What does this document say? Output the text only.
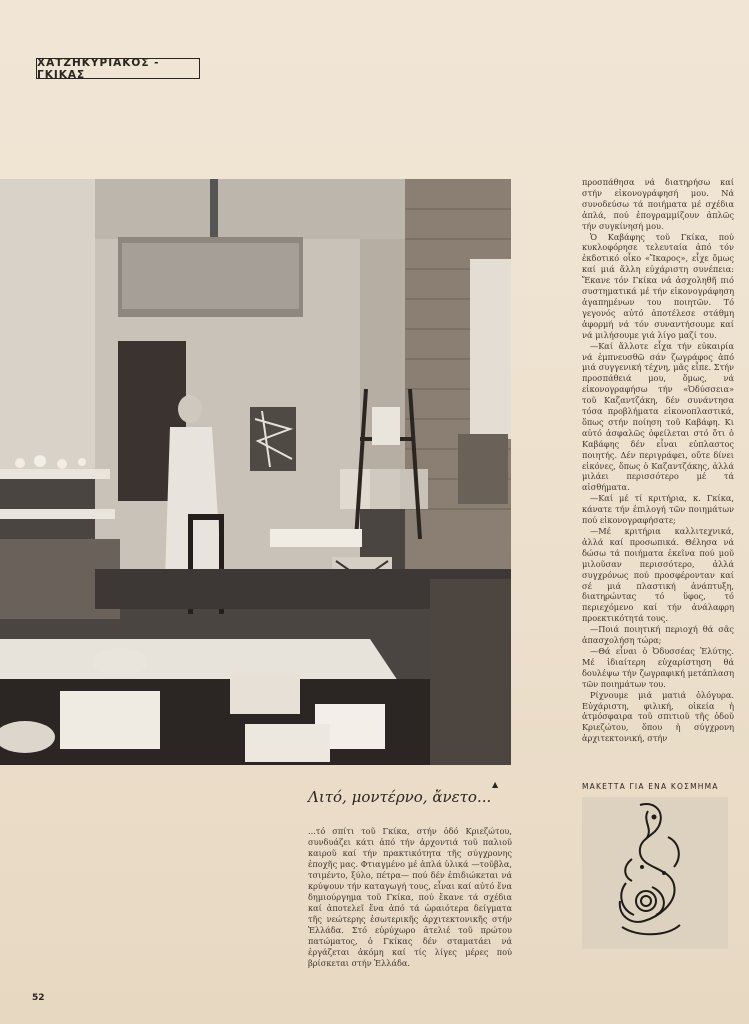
ΧΑΤΖΗΚΥΡΙΑΚΟΣ - ΓΚΙΚΑΣ

προσπάθησα νά διατηρήσω καί στήν εἰκονογράφησή μου. Νά συνοδεύσω τά ποιήματα μέ σχέδια ἁπλά, πού ἐπογραμμίζουν ἁπλῶς τήν συγκίνησή μου.

Ὁ Καβάφης τοῦ Γκίκα, πού κυκλοφόρησε τελευταία ἀπό τόν ἐκδοτικό οἶκο «Ἴκαρος», εἶχε ὅμως καί μιά ἄλλη εὐχάριστη συνέπεια: Ἔκανε τόν Γκίκα νά ἀσχοληθῆ πιό συστηματικά μέ τήν εἰκονογράφηση ἀγαπημένων του ποιητῶν. Τό γεγονός αὐτό ἀποτέλεσε στάθμη ἀφορμή νά τόν συναντήσουμε καί νά μιλήσουμε γιά λίγο μαζί του.

—Καί ἄλλοτε εἶχα τήν εὐκαιρία νά ἐμπνευσθῶ σάν ζωγράφος ἀπό μιά συγγενική τέχνη, μᾶς εἶπε. Στήν προσπάθειά μου, ὅμως, νά εἰκονογραφήσω τήν «Ὀδύσσεια» τοῦ Καζαντζάκη, δέν συνάντησα τόσα προβλήματα εἰκονοπλαστικά, ὅπως στήν ποίηση τοῦ Καβάφη. Κι αὐτό ἀσφαλῶς ὀφείλεται στό ὅτι ὁ Καβάφης δέν εἶναι εὐπλαστος ποιητής. Δέν περιγράφει, οὔτε δίνει εἰκόνες, ὅπως ὁ Καζαντζάκης, ἀλλά μιλάει περισσότερο μέ τά αἰσθήματα.

—Καί μέ τί κριτήρια, κ. Γκίκα, κάνατε τήν ἐπιλογή τῶν ποιημάτων πού εἰκονογραφήσατε;

—Μέ κριτήρια καλλιτεχνικά, ἀλλά καί προσωπικά. Θέλησα νά δώσω τά ποιήματα ἐκεῖνα πού μοῦ μιλοῦσαν περισσότερο, ἀλλά συγχρόνως πού προσφέρονταν καί σέ μιά πλαστική ἀνάπτυξη, διατηρώντας τό ὕφος, τό περιεχόμενο καί τήν ἀνάλαφρη προεκτικότητά τους.

—Ποιά ποιητική περιοχή θά σᾶς ἀπασχολήση τώρα;

—Θά εἶναι ὁ Ὀδυσσέας Ἐλύτης. Μέ ἰδιαίτερη εὐχαρίστηση θά δουλέψω τήν ζωγραφική μετάπλαση τῶν ποιημάτων του.

Ρίχνουμε μιά ματιά ὁλόγυρα. Εὐχάριστη, φιλική, οἰκεία ἡ ἀτμόσφαιρα τοῦ σπιτιοῦ τῆς ὁδοῦ Κριεζώτου, ὅπου ἡ σύγχρονη ἀρχιτεκτονική, στήν

▲
Λιτό, μοντέρνο, ἄνετο...
...τό σπίτι τοῦ Γκίκα, στήν ὁδό Κριεζώτου, συνδυάζει κάτι ἀπό τήν ἀρχοντιά τοῦ παλιοῦ καιροῦ καί τήν πρακτικότητα τῆς σύγχρονης ἐποχῆς μας. Φτιαγμένο μέ ἁπλά ὑλικά —τοῦβλα, τσιμέντο, ξύλο, πέτρα— πού δέν ἐπιδιώκεται νά κρύψουν τήν καταγωγή τους, εἶναι καί αὐτό ἕνα δημιούργημα τοῦ Γκίκα, πού ἔκανε τά σχέδια καί ἀποτελεῖ ἕνα ἀπό τά ὡραιότερα δείγματα τῆς νεώτερης ἐσωτερικῆς ἀρχιτεκτονικῆς στήν Ἑλλάδα. Στό εὐρύχωρο ἀτελιέ τοῦ πρώτου πατώματος, ὁ Γκίκας δέν σταματάει νά ἐργάζεται ἀκόμη καί τίς λίγες μέρες πού βρίσκεται στήν Ἑλλάδα.
ΜΑΚΕΤΤΑ ΓΙΑ ΕΝΑ ΚΟΣΜΗΜΑ
52
